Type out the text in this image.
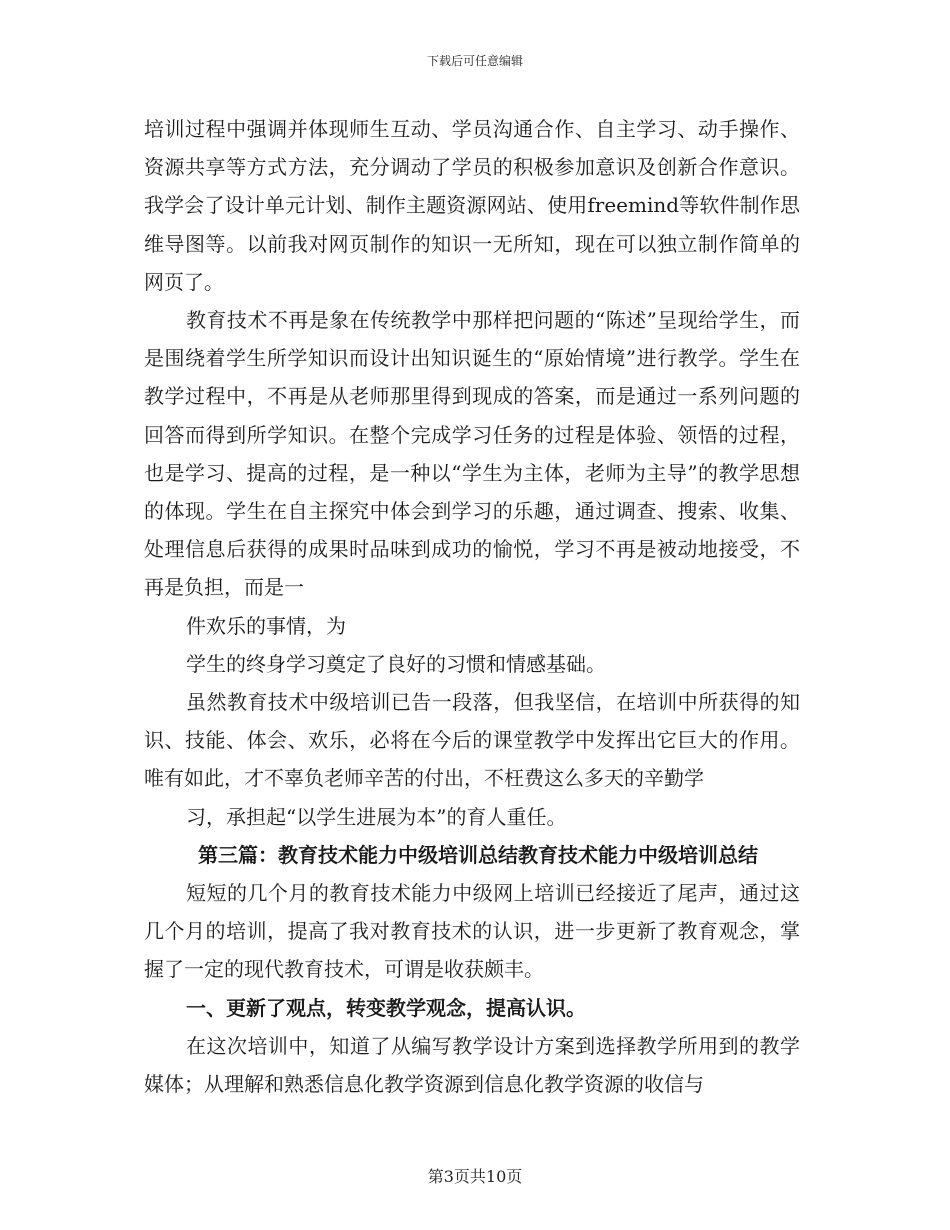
下载后可任意编辑

培训过程中强调并体现师生互动、学员沟通合作、自主学习、动手操作、资源共享等方式方法，充分调动了学员的积极参加意识及创新合作意识。我学会了设计单元计划、制作主题资源网站、使用freemind等软件制作思维导图等。以前我对网页制作的知识一无所知，现在可以独立制作简单的网页了。

教育技术不再是象在传统教学中那样把问题的“陈述”呈现给学生，而是围绕着学生所学知识而设计出知识诞生的“原始情境”进行教学。学生在教学过程中，不再是从老师那里得到现成的答案，而是通过一系列问题的回答而得到所学知识。在整个完成学习任务的过程是体验、领悟的过程，也是学习、提高的过程，是一种以“学生为主体，老师为主导”的教学思想的体现。学生在自主探究中体会到学习的乐趣，通过调查、搜索、收集、处理信息后获得的成果时品味到成功的愉悦，学习不再是被动地接受，不再是负担，而是一

件欢乐的事情，为

学生的终身学习奠定了良好的习惯和情感基础。

虽然教育技术中级培训已告一段落，但我坚信，在培训中所获得的知识、技能、体会、欢乐，必将在今后的课堂教学中发挥出它巨大的作用。唯有如此，才不辜负老师辛苦的付出，不枉费这么多天的辛勤学

习，承担起“以学生进展为本”的育人重任。

第三篇：教育技术能力中级培训总结教育技术能力中级培训总结

短短的几个月的教育技术能力中级网上培训已经接近了尾声，通过这几个月的培训，提高了我对教育技术的认识，进一步更新了教育观念，掌握了一定的现代教育技术，可谓是收获颇丰。

一、更新了观点，转变教学观念，提高认识。

在这次培训中，知道了从编写教学设计方案到选择教学所用到的教学媒体；从理解和熟悉信息化教学资源到信息化教学资源的收信与

第3页共10页
